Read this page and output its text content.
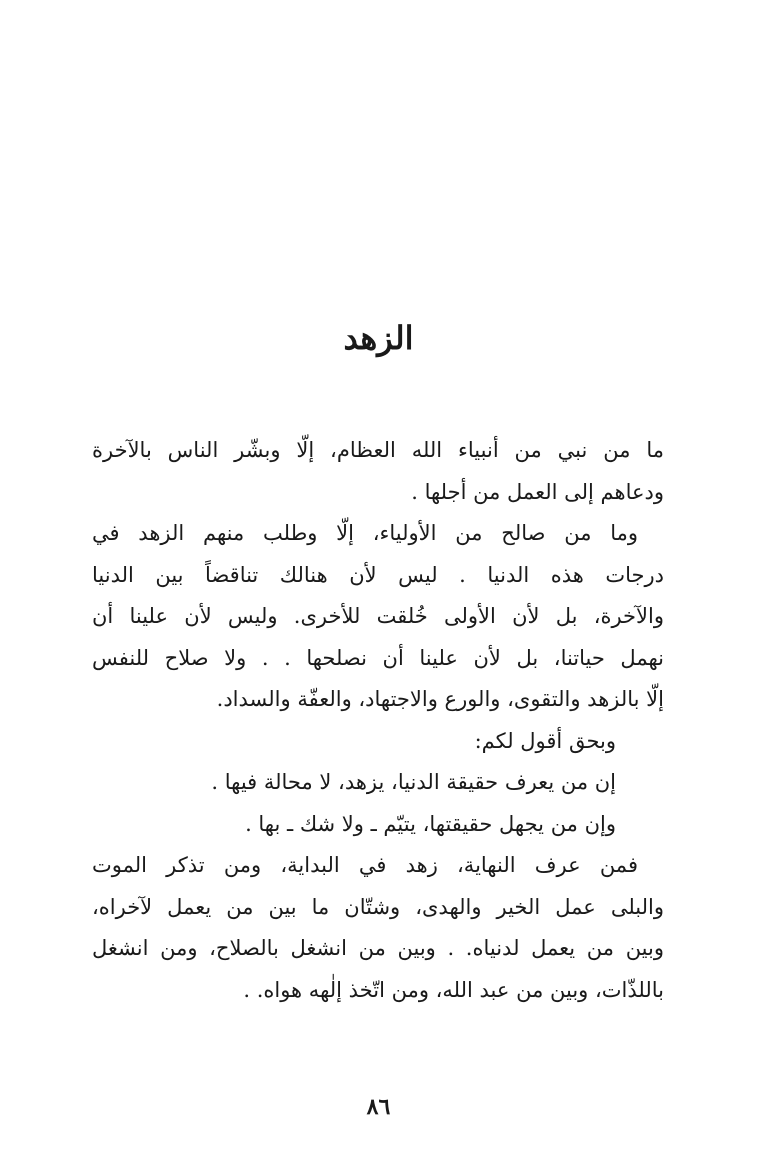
الزهد
ما من نبي من أنبياء الله العظام، إلّا وبشّر الناس بالآخرة
ودعاهم إلى العمل من أجلها .
وما من صالح من الأولياء، إلّا وطلب منهم الزهد في
درجات هذه الدنيا . ليس لأن هنالك تناقضاً بين الدنيا
والآخرة، بل لأن الأولى خُلقت للأخرى. وليس لأن علينا أن
نهمل حياتنا، بل لأن علينا أن نصلحها . . ولا صلاح للنفس
إلّا بالزهد والتقوى، والورع والاجتهاد، والعفّة والسداد.
وبحق أقول لكم:
إن من يعرف حقيقة الدنيا، يزهد، لا محالة فيها .
وإن من يجهل حقيقتها، يتيّم ـ ولا شك ـ بها .
فمن عرف النهاية، زهد في البداية، ومن تذكر الموت
والبلى عمل الخير والهدى، وشتّان ما بين من يعمل لآخراه،
وبين من يعمل لدنياه. . وبين من انشغل بالصلاح، ومن انشغل
باللذّات، وبين من عبد الله، ومن اتّخذ إلٰهه هواه. .

٨٦
